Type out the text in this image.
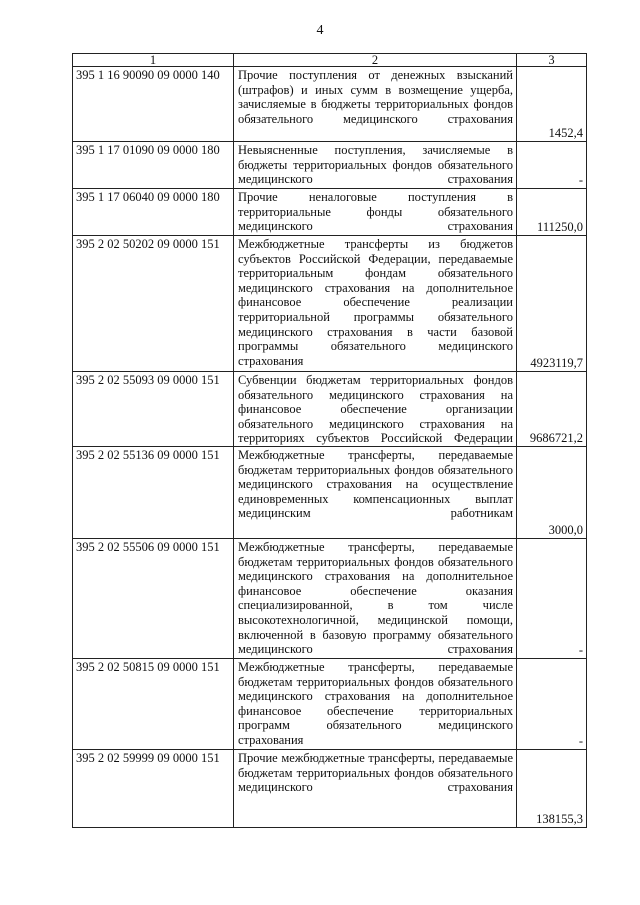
4
1	2	3
395 1 16 90090 09 0000 140	Прочие поступления от денежных взысканий (штрафов) и иных сумм в возмещение ущерба, зачисляемые в бюджеты территориальных фондов обязательного медицинского страхования	1452,4
395 1 17 01090 09 0000 180	Невыясненные поступления, зачисляемые в бюджеты территориальных фондов обязательного медицинского страхования	-
395 1 17 06040 09 0000 180	Прочие неналоговые поступления в территориальные фонды обязательного медицинского страхования	111250,0
395 2 02 50202 09 0000 151	Межбюджетные трансферты из бюджетов субъектов Российской Федерации, передаваемые территориальным фондам обязательного медицинского страхования на дополнительное финансовое обеспечение реализации территориальной программы обязательного медицинского страхования в части базовой программы обязательного медицинского страхования	4923119,7
395 2 02 55093 09 0000 151	Субвенции бюджетам территориальных фондов обязательного медицинского страхования на финансовое обеспечение организации обязательного медицинского страхования на территориях субъектов Российской Федерации	9686721,2
395 2 02 55136 09 0000 151	Межбюджетные трансферты, передаваемые бюджетам территориальных фондов обязательного медицинского страхования на осуществление единовременных компенсационных выплат медицинским работникам	3000,0
395 2 02 55506 09 0000 151	Межбюджетные трансферты, передаваемые бюджетам территориальных фондов обязательного медицинского страхования на дополнительное финансовое обеспечение оказания специализированной, в том числе высокотехнологичной, медицинской помощи, включенной в базовую программу обязательного медицинского страхования	-
395 2 02 50815 09 0000 151	Межбюджетные трансферты, передаваемые бюджетам территориальных фондов обязательного медицинского страхования на дополнительное финансовое обеспечение территориальных программ обязательного медицинского страхования	-
395 2 02 59999 09 0000 151	Прочие межбюджетные трансферты, передаваемые бюджетам территориальных фондов обязательного медицинского страхования	138155,3
